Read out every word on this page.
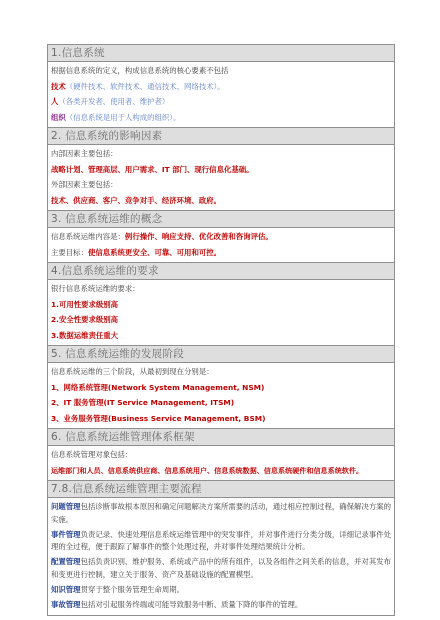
1.信息系统
根据信息系统的定义，构成信息系统的核心要素不包括
技术（硬件技术、软件技术、通信技术、网络技术）。
人（各类开发者、使用者、维护者）
组织（信息系统是用于人构成的组织）。
2. 信息系统的影响因素
内部因素主要包括：
战略计划、管理高层、用户需求、IT 部门、现行信息化基础。
外部因素主要包括：
技术、供应商、客户、竞争对手、经济环境、政府。
3. 信息系统运维的概念
信息系统运维内容是：例行操作、响应支持、优化改善和咨询评估。
主要目标：使信息系统更安全、可靠、可用和可控。
4.信息系统运维的要求
银行信息系统运维的要求：
1.可用性要求级别高
2.安全性要求级别高
3.数据运维责任重大
5. 信息系统运维的发展阶段
信息系统运维的三个阶段，从最初到现在分别是：
1、网络系统管理(Network System Management, NSM)
2、IT 服务管理(IT Service Management, ITSM)
3、业务服务管理(Business Service Management, BSM)
6. 信息系统运维管理体系框架
信息系统管理对象包括：
运维部门和人员、信息系统供应商、信息系统用户、信息系统数据、信息系统硬件和信息系统软件。
7.8.信息系统运维管理主要流程
问题管理包括诊断事故根本原因和确定问题解决方案所需要的活动，通过相应控制过程，确保解决方案的实施。
事件管理负责记录、快速处理信息系统运维管理中的突发事件，并对事件进行分类分级，详细记录事件处理的全过程，便于跟踪了解事件的整个处理过程，并对事件处理结果统计分析。
配置管理包括负责识别、维护服务、系统或产品中的所有组件，以及各组件之间关系的信息，并对其发布和变更进行控制，建立关于服务、资产及基础设施的配置模型。
知识管理贯穿于整个服务管理生命周期。
事故管理包括对引起服务终端或可能导致服务中断、质量下降的事件的管理。
